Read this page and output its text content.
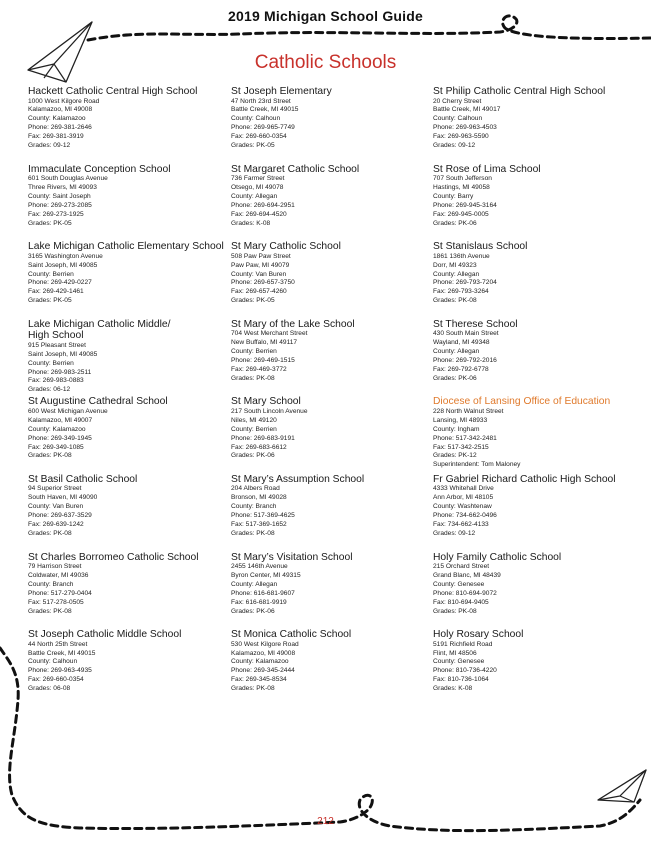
2019 Michigan School Guide
Catholic Schools
Hackett Catholic Central High School
1000 West Kilgore Road
Kalamazoo, MI 49008
County: Kalamazoo
Phone: 269-381-2646
Fax: 269-381-3919
Grades: 09-12
Immaculate Conception School
601 South Douglas Avenue
Three Rivers, MI 49093
County: Saint Joseph
Phone: 269-273-2085
Fax: 269-273-1925
Grades: PK-05
Lake Michigan Catholic Elementary School
3165 Washington Avenue
Saint Joseph, MI 49085
County: Berrien
Phone: 269-429-0227
Fax: 269-429-1461
Grades: PK-05
Lake Michigan Catholic Middle/ High School
915 Pleasant Street
Saint Joseph, MI 49085
County: Berrien
Phone: 269-983-2511
Fax: 269-983-0883
Grades: 06-12
St Augustine Cathedral School
600 West Michigan Avenue
Kalamazoo, MI 49007
County: Kalamazoo
Phone: 269-349-1945
Fax: 269-349-1085
Grades: PK-08
St Basil Catholic School
94 Superior Street
South Haven, MI 49090
County: Van Buren
Phone: 269-637-3529
Fax: 269-639-1242
Grades: PK-08
St Charles Borromeo Catholic School
79 Harrison Street
Coldwater, MI 49036
County: Branch
Phone: 517-279-0404
Fax: 517-278-0505
Grades: PK-08
St Joseph Catholic Middle School
44 North 25th Street
Battle Creek, MI 49015
County: Calhoun
Phone: 269-963-4935
Fax: 269-660-0354
Grades: 06-08
St Joseph Elementary
47 North 23rd Street
Battle Creek, MI 49015
County: Calhoun
Phone: 269-965-7749
Fax: 269-660-0354
Grades: PK-05
St Margaret Catholic School
736 Farmer Street
Otsego, MI 49078
County: Allegan
Phone: 269-694-2951
Fax: 269-694-4520
Grades: K-08
St Mary Catholic School
508 Paw Paw Street
Paw Paw, MI 49079
County: Van Buren
Phone: 269-657-3750
Fax: 269-657-4260
Grades: PK-05
St Mary of the Lake School
704 West Merchant Street
New Buffalo, MI 49117
County: Berrien
Phone: 269-469-1515
Fax: 269-469-3772
Grades: PK-08
St Mary School
217 South Lincoln Avenue
Niles, MI 49120
County: Berrien
Phone: 269-683-9191
Fax: 269-683-6612
Grades: PK-06
St Mary’s Assumption School
204 Albers Road
Bronson, MI 49028
County: Branch
Phone: 517-369-4625
Fax: 517-369-1652
Grades: PK-08
St Mary’s Visitation School
2455 146th Avenue
Byron Center, MI 49315
County: Allegan
Phone: 616-681-9607
Fax: 616-681-9919
Grades: PK-06
St Monica Catholic School
530 West Kilgore Road
Kalamazoo, MI 49008
County: Kalamazoo
Phone: 269-345-2444
Fax: 269-345-8534
Grades: PK-08
St Philip Catholic Central High School
20 Cherry Street
Battle Creek, MI 49017
County: Calhoun
Phone: 269-963-4503
Fax: 269-963-5590
Grades: 09-12
St Rose of Lima School
707 South Jefferson
Hastings, MI 49058
County: Barry
Phone: 269-945-3164
Fax: 269-945-0005
Grades: PK-06
St Stanislaus School
1861 136th Avenue
Dorr, MI 49323
County: Allegan
Phone: 269-793-7204
Fax: 269-793-3264
Grades: PK-08
St Therese School
430 South Main Street
Wayland, MI 49348
County: Allegan
Phone: 269-792-2016
Fax: 269-792-6778
Grades: PK-06
Diocese of Lansing Office of Education
228 North Walnut Street
Lansing, MI 48933
County: Ingham
Phone: 517-342-2481
Fax: 517-342-2515
Grades: PK-12
Superintendent: Tom Maloney
Fr Gabriel Richard Catholic High School
4333 Whitehall Drive
Ann Arbor, MI 48105
County: Washtenaw
Phone: 734-662-0496
Fax: 734-662-4133
Grades: 09-12
Holy Family Catholic School
215 Orchard Street
Grand Blanc, MI 48439
County: Genesee
Phone: 810-694-9072
Fax: 810-694-9405
Grades: PK-08
Holy Rosary School
5191 Richfield Road
Flint, MI 48506
County: Genesee
Phone: 810-736-4220
Fax: 810-736-1064
Grades: K-08
212
